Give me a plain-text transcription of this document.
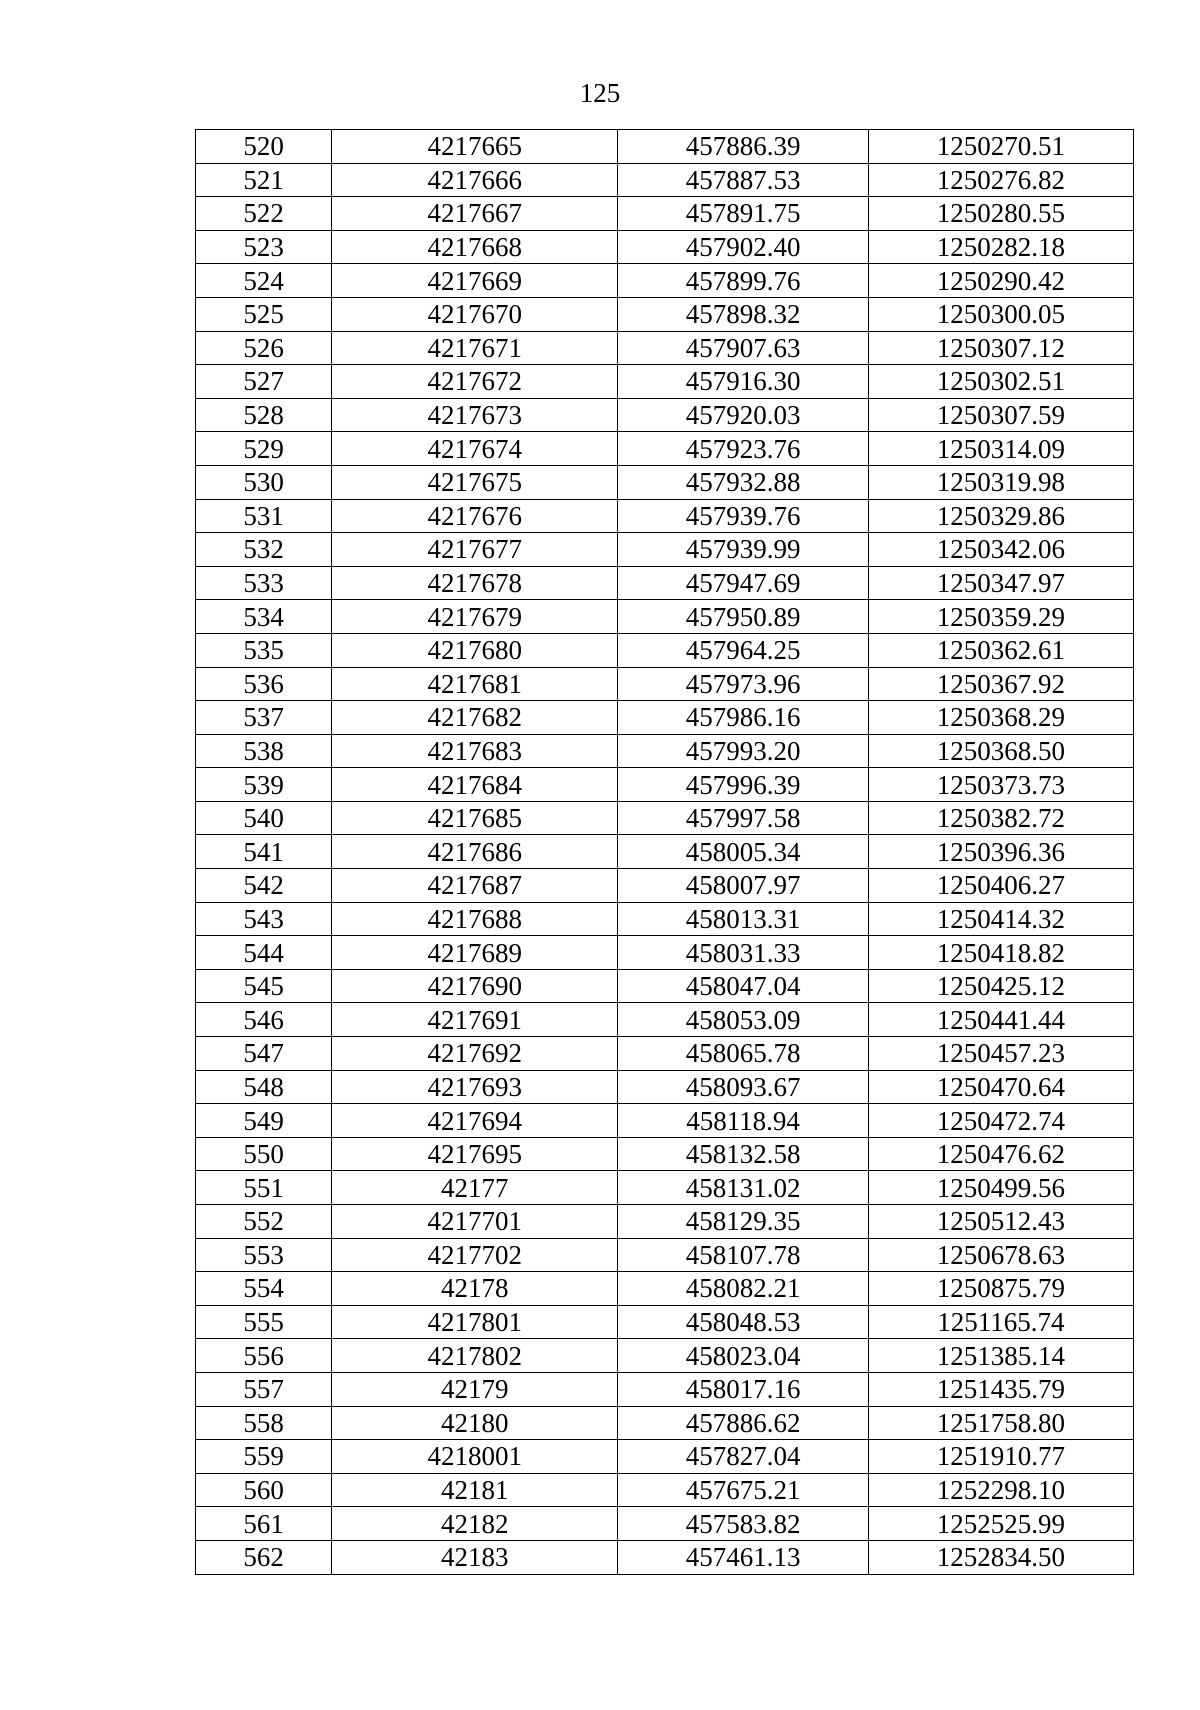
125
520	4217665	457886.39	1250270.51
521	4217666	457887.53	1250276.82
522	4217667	457891.75	1250280.55
523	4217668	457902.40	1250282.18
524	4217669	457899.76	1250290.42
525	4217670	457898.32	1250300.05
526	4217671	457907.63	1250307.12
527	4217672	457916.30	1250302.51
528	4217673	457920.03	1250307.59
529	4217674	457923.76	1250314.09
530	4217675	457932.88	1250319.98
531	4217676	457939.76	1250329.86
532	4217677	457939.99	1250342.06
533	4217678	457947.69	1250347.97
534	4217679	457950.89	1250359.29
535	4217680	457964.25	1250362.61
536	4217681	457973.96	1250367.92
537	4217682	457986.16	1250368.29
538	4217683	457993.20	1250368.50
539	4217684	457996.39	1250373.73
540	4217685	457997.58	1250382.72
541	4217686	458005.34	1250396.36
542	4217687	458007.97	1250406.27
543	4217688	458013.31	1250414.32
544	4217689	458031.33	1250418.82
545	4217690	458047.04	1250425.12
546	4217691	458053.09	1250441.44
547	4217692	458065.78	1250457.23
548	4217693	458093.67	1250470.64
549	4217694	458118.94	1250472.74
550	4217695	458132.58	1250476.62
551	42177	458131.02	1250499.56
552	4217701	458129.35	1250512.43
553	4217702	458107.78	1250678.63
554	42178	458082.21	1250875.79
555	4217801	458048.53	1251165.74
556	4217802	458023.04	1251385.14
557	42179	458017.16	1251435.79
558	42180	457886.62	1251758.80
559	4218001	457827.04	1251910.77
560	42181	457675.21	1252298.10
561	42182	457583.82	1252525.99
562	42183	457461.13	1252834.50
